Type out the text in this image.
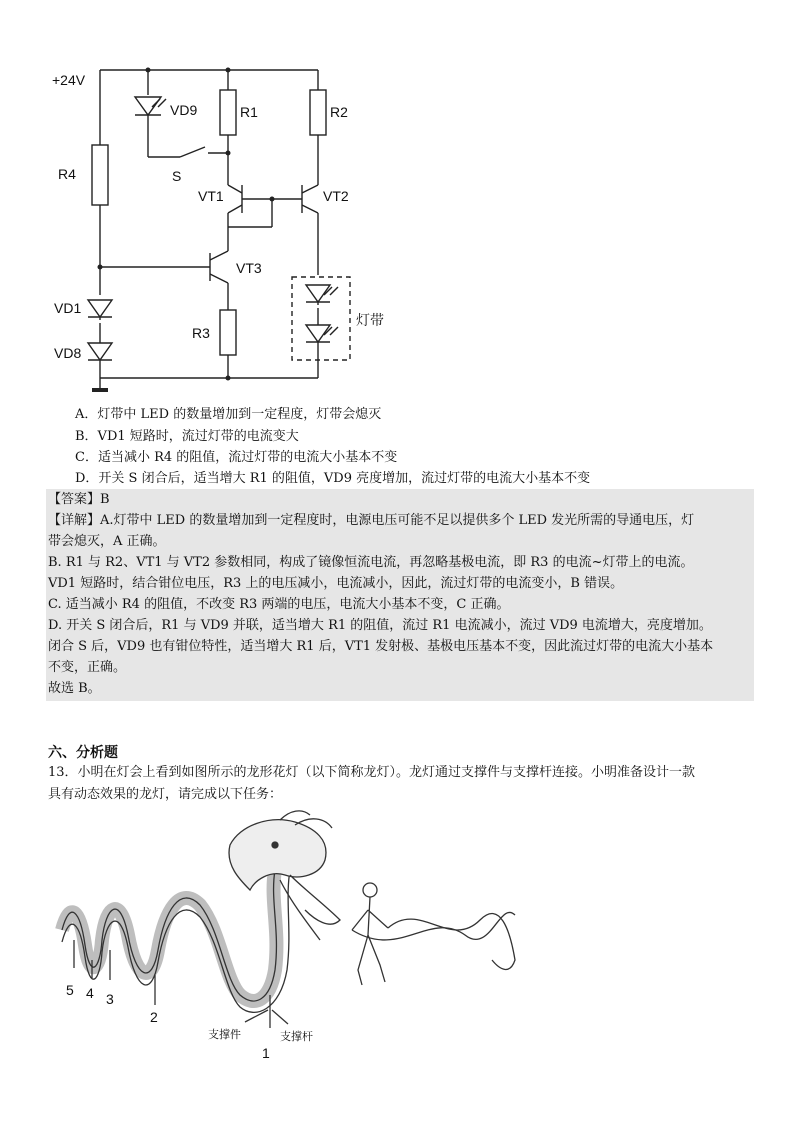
+24V
VD9	R1	R2
R4	S
VT1	VT2
VT3
R3
VD1
VD8
灯带
A．灯带中 LED 的数量增加到一定程度，灯带会熄灭
B．VD1 短路时，流过灯带的电流变大
C．适当减小 R4 的阻值，流过灯带的电流大小基本不变
D．开关 S 闭合后，适当增大 R1 的阻值，VD9 亮度增加，流过灯带的电流大小基本不变
【答案】B
【详解】A.灯带中 LED 的数量增加到一定程度时，电源电压可能不足以提供多个 LED 发光所需的导通电压，灯
带会熄灭，A 正确。
B. R1 与 R2、VT1 与 VT2 参数相同，构成了镜像恒流电流，再忽略基极电流，即 R3 的电流~灯带上的电流。
VD1 短路时，结合钳位电压，R3 上的电压减小，电流减小，因此，流过灯带的电流变小，B 错误。
C. 适当减小 R4 的阻值，不改变 R3 两端的电压，电流大小基本不变，C 正确。
D. 开关 S 闭合后，R1 与 VD9 并联，适当增大 R1 的阻值，流过 R1 电流减小，流过 VD9 电流增大，亮度增加。
闭合 S 后，VD9 也有钳位特性，适当增大 R1 后，VT1 发射极、基极电压基本不变，因此流过灯带的电流大小基本
不变，正确。
故选 B。
六、分析题
13．小明在灯会上看到如图所示的龙形花灯（以下简称龙灯）。龙灯通过支撑件与支撑杆连接。小明准备设计一款
具有动态效果的龙灯，请完成以下任务：
5 4 3
2
1
支撑件	支撑杆
